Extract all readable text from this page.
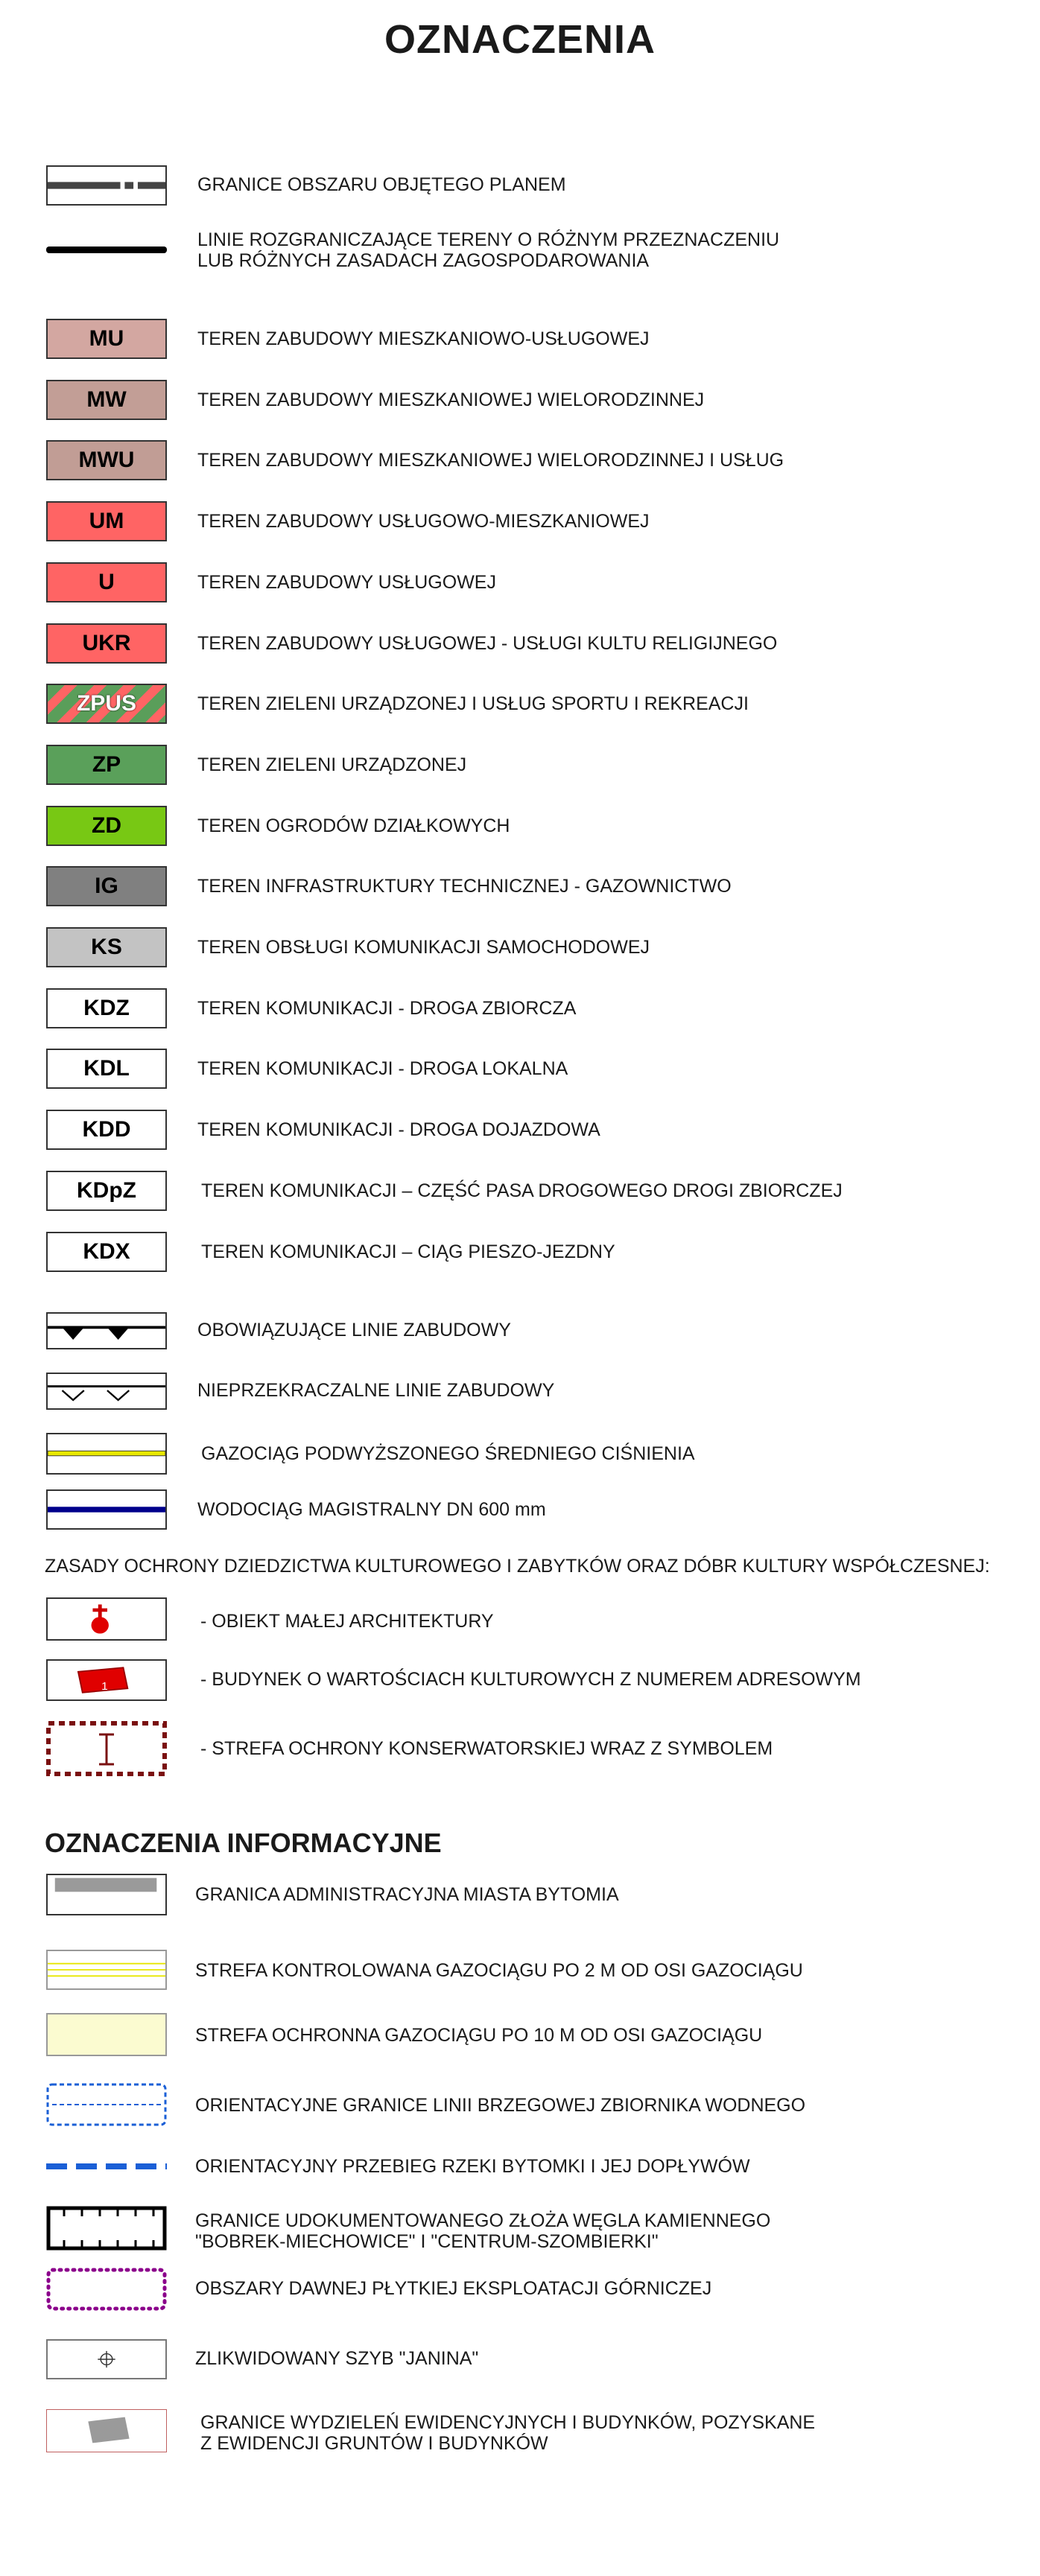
OZNACZENIA
GRANICE OBSZARU OBJĘTEGO PLANEM
LINIE ROZGRANICZAJĄCE TERENY O RÓŻNYM PRZEZNACZENIU
LUB RÓŻNYCH ZASADACH ZAGOSPODAROWANIA
MU	TEREN ZABUDOWY MIESZKANIOWO-USŁUGOWEJ
MW	TEREN ZABUDOWY MIESZKANIOWEJ WIELORODZINNEJ
MWU	TEREN ZABUDOWY MIESZKANIOWEJ WIELORODZINNEJ I USŁUG
UM	TEREN ZABUDOWY USŁUGOWO-MIESZKANIOWEJ
U	TEREN ZABUDOWY USŁUGOWEJ
UKR	TEREN ZABUDOWY USŁUGOWEJ - USŁUGI KULTU RELIGIJNEGO
ZPUS	TEREN ZIELENI URZĄDZONEJ I USŁUG SPORTU I REKREACJI
ZP	TEREN ZIELENI URZĄDZONEJ
ZD	TEREN OGRODÓW DZIAŁKOWYCH
IG	TEREN INFRASTRUKTURY TECHNICZNEJ - GAZOWNICTWO
KS	TEREN OBSŁUGI KOMUNIKACJI SAMOCHODOWEJ
KDZ	TEREN KOMUNIKACJI - DROGA ZBIORCZA
KDL	TEREN KOMUNIKACJI - DROGA LOKALNA
KDD	TEREN KOMUNIKACJI - DROGA DOJAZDOWA
KDpZ	TEREN KOMUNIKACJI – CZĘŚĆ PASA DROGOWEGO DROGI ZBIORCZEJ
KDX	TEREN KOMUNIKACJI – CIĄG PIESZO-JEZDNY
OBOWIĄZUJĄCE LINIE ZABUDOWY
NIEPRZEKRACZALNE LINIE ZABUDOWY
GAZOCIĄG PODWYŻSZONEGO ŚREDNIEGO CIŚNIENIA
WODOCIĄG MAGISTRALNY DN 600 mm
ZASADY OCHRONY DZIEDZICTWA KULTUROWEGO I ZABYTKÓW ORAZ DÓBR KULTURY WSPÓŁCZESNEJ:
- OBIEKT MAŁEJ ARCHITEKTURY
1	- BUDYNEK O WARTOŚCIACH KULTUROWYCH Z NUMEREM ADRESOWYM
- STREFA OCHRONY KONSERWATORSKIEJ WRAZ Z SYMBOLEM
OZNACZENIA INFORMACYJNE
GRANICA ADMINISTRACYJNA MIASTA BYTOMIA
STREFA KONTROLOWANA GAZOCIĄGU PO 2 M OD OSI GAZOCIĄGU
STREFA OCHRONNA GAZOCIĄGU PO 10 M OD OSI GAZOCIĄGU
ORIENTACYJNE GRANICE LINII BRZEGOWEJ ZBIORNIKA WODNEGO
ORIENTACYJNY PRZEBIEG RZEKI BYTOMKI I JEJ DOPŁYWÓW
GRANICE UDOKUMENTOWANEGO ZŁOŻA WĘGLA KAMIENNEGO
"BOBREK-MIECHOWICE" I "CENTRUM-SZOMBIERKI"
OBSZARY DAWNEJ PŁYTKIEJ EKSPLOATACJI GÓRNICZEJ
ZLIKWIDOWANY SZYB "JANINA"
GRANICE WYDZIELEŃ EWIDENCYJNYCH I BUDYNKÓW, POZYSKANE
Z EWIDENCJI GRUNTÓW I BUDYNKÓW
